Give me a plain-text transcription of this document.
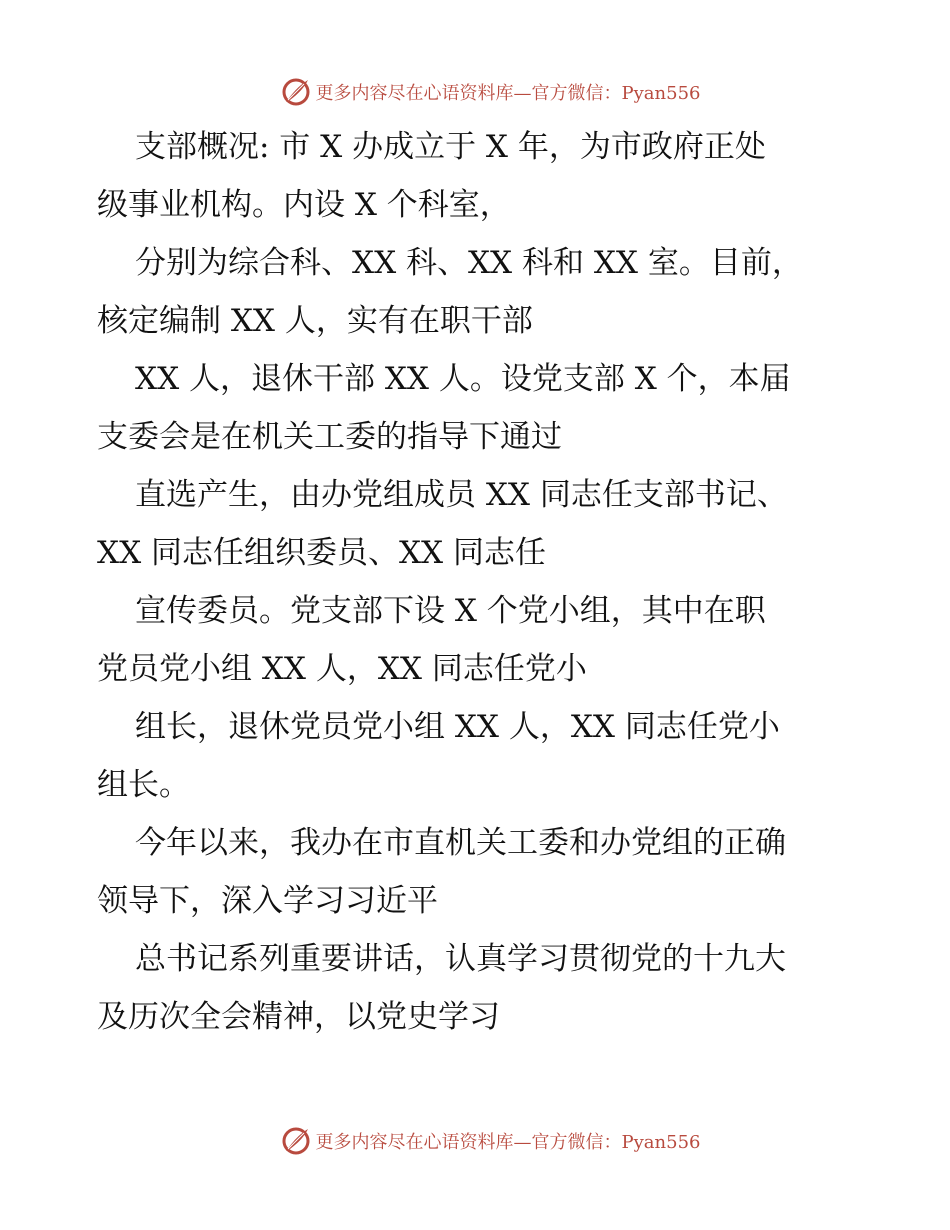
更多内容尽在心语资料库—官方微信：Pyan556
支部概况: 市 X 办成立于 X 年，为市政府正处
级事业机构。内设 X 个科室，
分别为综合科、XX 科、XX 科和 XX 室。目前，
核定编制 XX 人，实有在职干部
XX 人，退休干部 XX 人。设党支部 X 个，本届
支委会是在机关工委的指导下通过
直选产生，由办党组成员 XX 同志任支部书记、
XX 同志任组织委员、XX 同志任
宣传委员。党支部下设 X 个党小组，其中在职
党员党小组 XX 人，XX 同志任党小
组长，退休党员党小组 XX 人，XX 同志任党小
组长。
今年以来，我办在市直机关工委和办党组的正确
领导下，深入学习习近平
总书记系列重要讲话，认真学习贯彻党的十九大
及历次全会精神，以党史学习
更多内容尽在心语资料库—官方微信：Pyan556
